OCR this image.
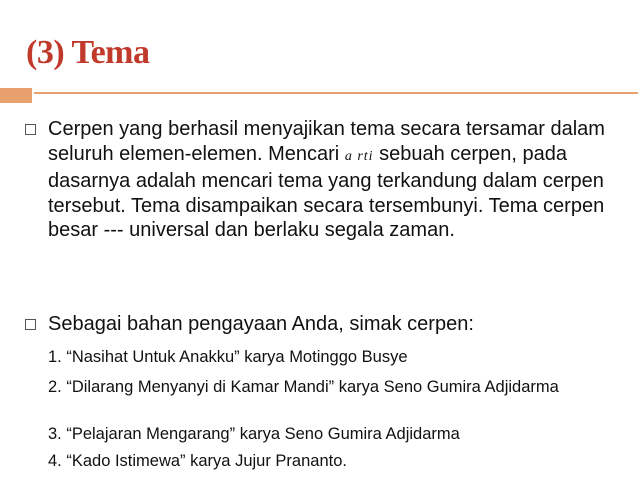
(3) Tema

Cerpen yang berhasil menyajikan tema secara tersamar dalam seluruh elemen-elemen. Mencari a rti sebuah cerpen, pada dasarnya adalah mencari tema yang terkandung dalam cerpen tersebut. Tema disampaikan secara tersembunyi. Tema cerpen besar --- universal dan berlaku segala zaman.

Sebagai bahan pengayaan Anda, simak cerpen:

1. “Nasihat Untuk Anakku” karya Motinggo Busye

2. “Dilarang Menyanyi di Kamar Mandi” karya Seno Gumira Adjidarma

3. “Pelajaran Mengarang” karya Seno Gumira Adjidarma

4. “Kado Istimewa” karya Jujur Prananto.
